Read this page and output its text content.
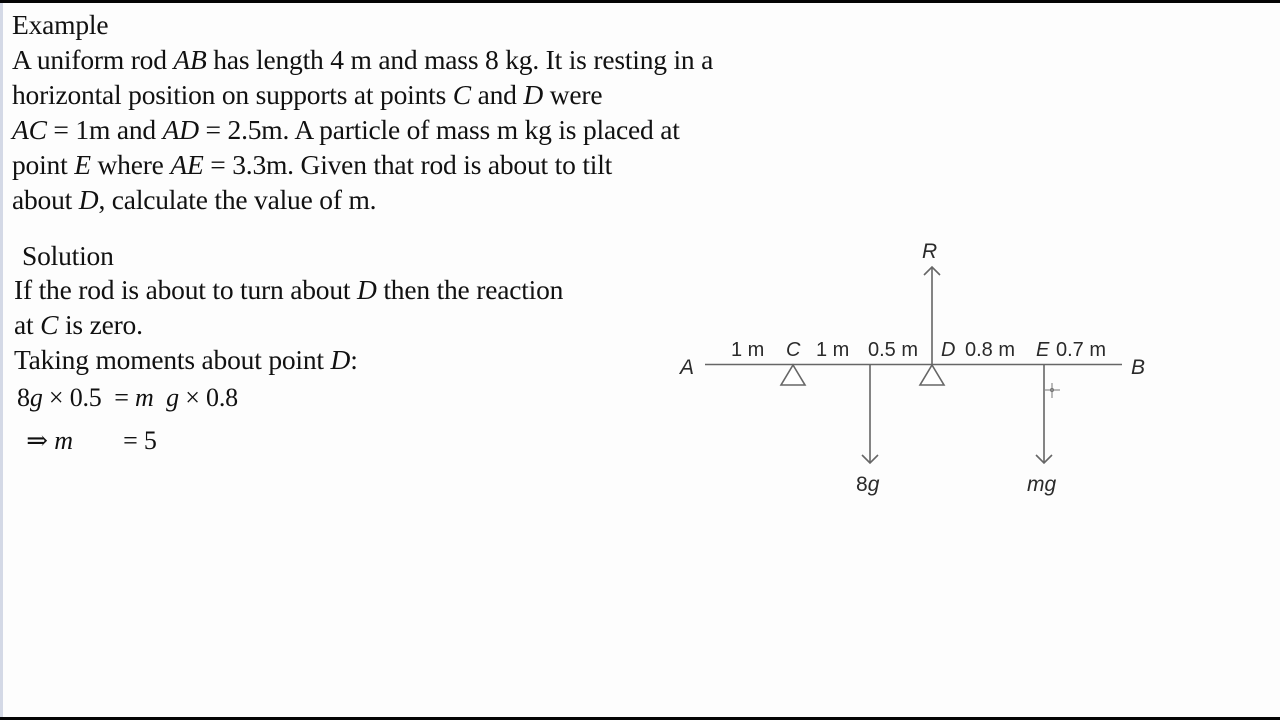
Example
A uniform rod AB has length 4 m and mass 8 kg. It is resting in a
horizontal position on supports at points C and D were
AC = 1m and AD = 2.5m. A particle of mass m kg is placed at
point E where AE = 3.3m. Given that rod is about to tilt
about D, calculate the value of m.
Solution
If the rod is about to turn about D then the reaction
at C is zero.
Taking moments about point D:
8g × 0.5  = m g × 0.8
⇒ m        = 5
A	B
1 m C 1 m 0.5 m D 0.8 m E 0.7 m
R
8g	mg
